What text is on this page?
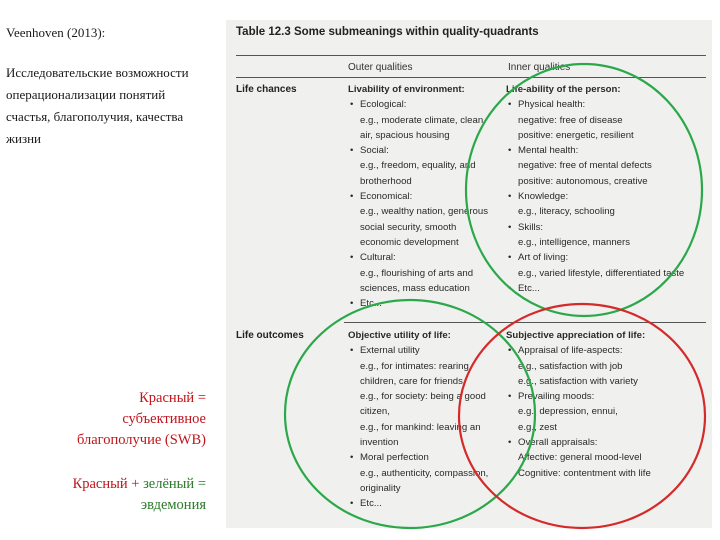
Veenhoven (2013):
Исследовательские возможности операционализации понятий счастья, благополучия, качества жизни
Красный =
субъективное
благополучие (SWB)
Красный + зелёный =
эвдемония
Table 12.3 Some submeanings within quality-quadrants
Outer qualities	Inner qualities
Life chances
Life outcomes
Livability of environment:
• Ecological:
e.g., moderate climate, clean
air, spacious housing
• Social:
e.g., freedom, equality, and
brotherhood
• Economical:
e.g., wealthy nation, generous
social security, smooth
economic development
• Cultural:
e.g., flourishing of arts and
sciences, mass education
• Etc...
Life-ability of the person:
• Physical health:
negative: free of disease
positive: energetic, resilient
• Mental health:
negative: free of mental defects
positive: autonomous, creative
• Knowledge:
e.g., literacy, schooling
• Skills:
e.g., intelligence, manners
• Art of living:
e.g., varied lifestyle, differentiated taste
• Etc...
Objective utility of life:
• External utility
e.g., for intimates: rearing
children, care for friends
e.g., for society: being a good
citizen,
e.g., for mankind: leaving an
invention
• Moral perfection
e.g., authenticity, compassion,
originality
• Etc...
Subjective appreciation of life:
• Appraisal of life-aspects:
e.g., satisfaction with job
e.g., satisfaction with variety
• Prevailing moods:
e.g., depression, ennui,
e.g., zest
• Overall appraisals:
Affective: general mood-level
Cognitive: contentment with life
